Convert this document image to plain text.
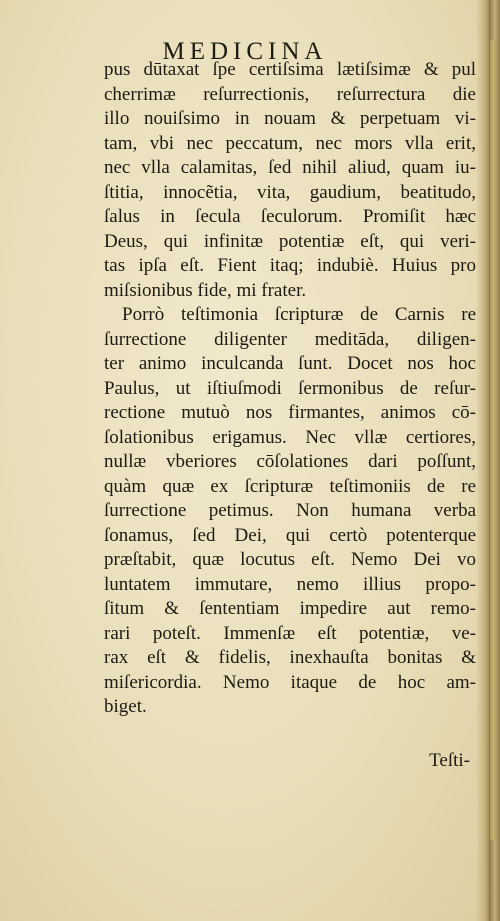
MEDICINA
pus dūtaxat ſpe certiſsima lætiſsimæ & pul
cherrimæ reſurrectionis, reſurrectura die
illo nouiſsimo in nouam & perpetuam vi-
tam, vbi nec peccatum, nec mors vlla erit,
nec vlla calamitas, ſed nihil aliud, quam iu-
ſtitia, innocẽtia, vita, gaudium, beatitudo,
ſalus in ſecula ſeculorum. Promiſit hæc
Deus, qui infinitæ potentiæ eſt, qui veri-
tas ipſa eſt. Fient itaq; indubiè. Huius pro
miſsionibus fide, mi frater.
Porrò teſtimonia ſcripturæ de Carnis re
ſurrectione diligenter meditāda, diligen-
ter animo inculcanda ſunt. Docet nos hoc
Paulus, ut iſtiuſmodi ſermonibus de reſur-
rectione mutuò nos firmantes, animos cō-
ſolationibus erigamus. Nec vllæ certiores,
nullæ vberiores cōſolationes dari poſſunt,
quàm quæ ex ſcripturæ teſtimoniis de re
ſurrectione petimus. Non humana verba
ſonamus, ſed Dei, qui certò potenterque
præſtabit, quæ locutus eſt. Nemo Dei vo
luntatem immutare, nemo illius propo-
ſitum & ſententiam impedire aut remo-
rari poteſt. Immenſæ eſt potentiæ, ve-
rax eſt & fidelis, inexhauſta bonitas &
miſericordia. Nemo itaque de hoc am-
biget.
Teſti-
